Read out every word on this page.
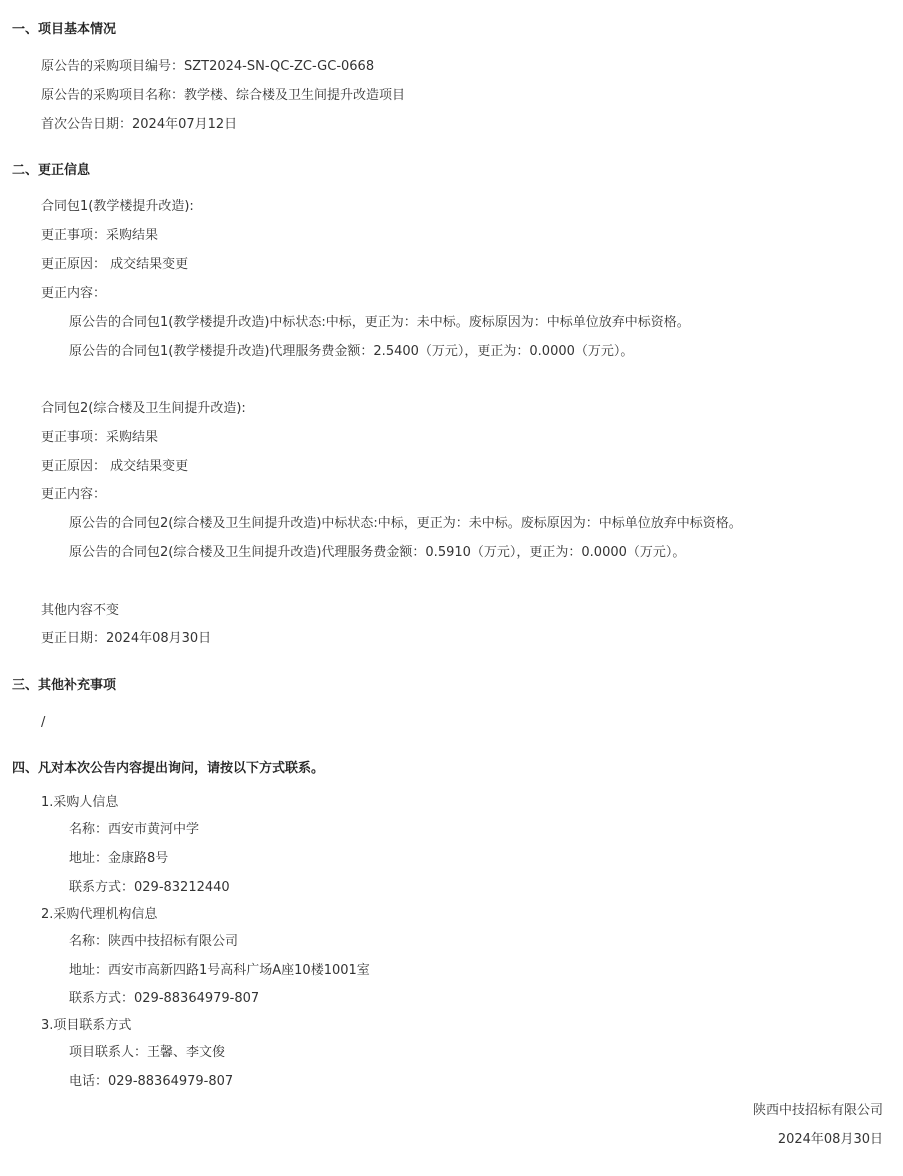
一、项目基本情况
原公告的采购项目编号：SZT2024-SN-QC-ZC-GC-0668
原公告的采购项目名称：教学楼、综合楼及卫生间提升改造项目
首次公告日期：2024年07月12日
二、更正信息
合同包1(教学楼提升改造):
更正事项：采购结果
更正原因： 成交结果变更
更正内容：
原公告的合同包1(教学楼提升改造)中标状态:中标，更正为：未中标。废标原因为：中标单位放弃中标资格。
原公告的合同包1(教学楼提升改造)代理服务费金额：2.5400（万元），更正为：0.0000（万元）。
合同包2(综合楼及卫生间提升改造):
更正事项：采购结果
更正原因： 成交结果变更
更正内容：
原公告的合同包2(综合楼及卫生间提升改造)中标状态:中标，更正为：未中标。废标原因为：中标单位放弃中标资格。
原公告的合同包2(综合楼及卫生间提升改造)代理服务费金额：0.5910（万元），更正为：0.0000（万元）。
其他内容不变
更正日期：2024年08月30日
三、其他补充事项
/
四、凡对本次公告内容提出询问，请按以下方式联系。
1.采购人信息
名称：西安市黄河中学
地址：金康路8号
联系方式：029-83212440
2.采购代理机构信息
名称：陕西中技招标有限公司
地址：西安市高新四路1号高科广场A座10楼1001室
联系方式：029-88364979-807
3.项目联系方式
项目联系人：王馨、李文俊
电话：029-88364979-807
陕西中技招标有限公司
2024年08月30日
